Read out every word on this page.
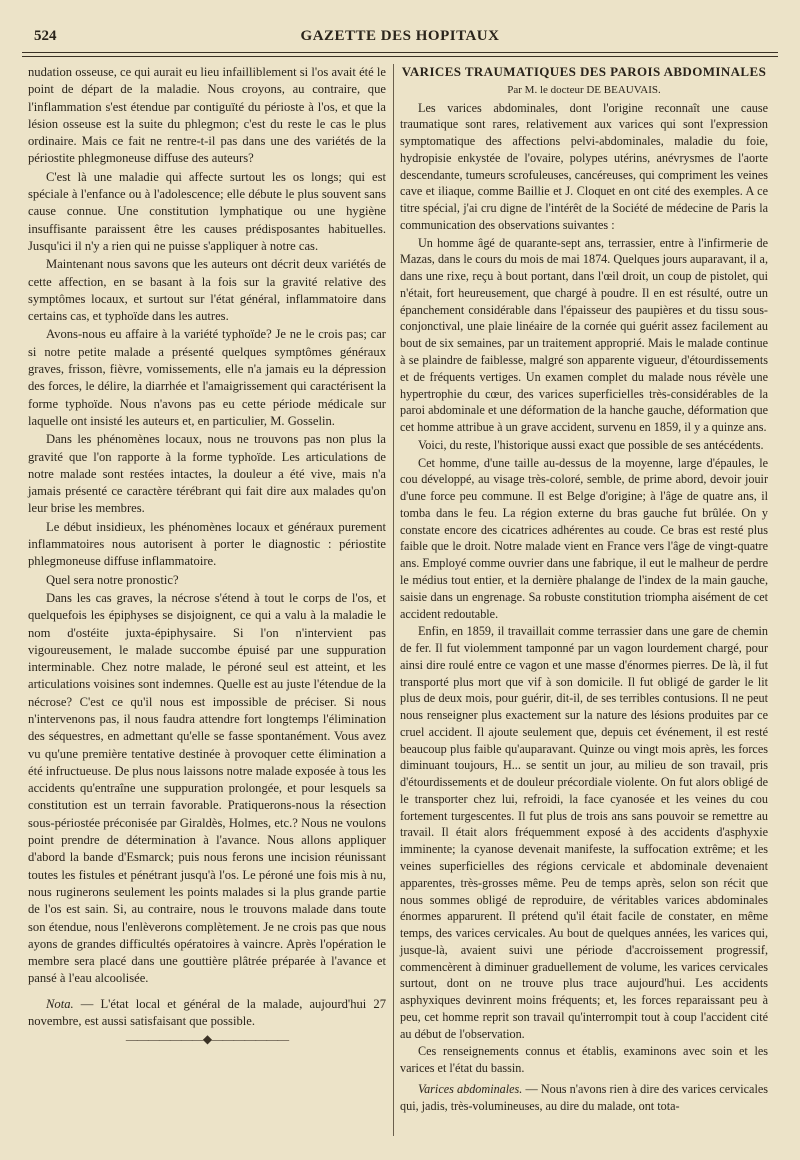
524	GAZETTE DES HOPITAUX

nudation osseuse, ce qui aurait eu lieu infailliblement si l'os avait été le point de départ de la maladie. Nous croyons, au contraire, que l'inflammation s'est étendue par contiguïté du périoste à l'os, et que la lésion osseuse est la suite du phlegmon; c'est du reste le cas le plus ordinaire. Mais ce fait ne rentre-t-il pas dans une des variétés de la périostite phlegmoneuse diffuse des auteurs?

C'est là une maladie qui affecte surtout les os longs; qui est spéciale à l'enfance ou à l'adolescence; elle débute le plus souvent sans cause connue. Une constitution lymphatique ou une hygiène insuffisante paraissent être les causes prédisposantes habituelles. Jusqu'ici il n'y a rien qui ne puisse s'appliquer à notre cas.

Maintenant nous savons que les auteurs ont décrit deux variétés de cette affection, en se basant à la fois sur la gravité relative des symptômes locaux, et surtout sur l'état général, inflammatoire dans certains cas, et typhoïde dans les autres.

Avons-nous eu affaire à la variété typhoïde? Je ne le crois pas; car si notre petite malade a présenté quelques symptômes généraux graves, frisson, fièvre, vomissements, elle n'a jamais eu la dépression des forces, le délire, la diarrhée et l'amaigrissement qui caractérisent la forme typhoïde. Nous n'avons pas eu cette période médicale sur laquelle ont insisté les auteurs et, en particulier, M. Gosselin.

Dans les phénomènes locaux, nous ne trouvons pas non plus la gravité que l'on rapporte à la forme typhoïde. Les articulations de notre malade sont restées intactes, la douleur a été vive, mais n'a jamais présenté ce caractère térébrant qui fait dire aux malades qu'on leur brise les membres.

Le début insidieux, les phénomènes locaux et généraux purement inflammatoires nous autorisent à porter le diagnostic : périostite phlegmoneuse diffuse inflammatoire.

Quel sera notre pronostic?

Dans les cas graves, la nécrose s'étend à tout le corps de l'os, et quelquefois les épiphyses se disjoignent, ce qui a valu à la maladie le nom d'ostéite juxta-épiphysaire. Si l'on n'intervient pas vigoureusement, le malade succombe épuisé par une suppuration interminable. Chez notre malade, le péroné seul est atteint, et les articulations voisines sont indemnes. Quelle est au juste l'étendue de la nécrose? C'est ce qu'il nous est impossible de préciser. Si nous n'intervenons pas, il nous faudra attendre fort longtemps l'élimination des séquestres, en admettant qu'elle se fasse spontanément. Vous avez vu qu'une première tentative destinée à provoquer cette élimination a été infructueuse. De plus nous laissons notre malade exposée à tous les accidents qu'entraîne une suppuration prolongée, et pour lesquels sa constitution est un terrain favorable. Pratiquerons-nous la résection sous-périostée préconisée par Giraldès, Holmes, etc.? Nous ne voulons point prendre de détermination à l'avance. Nous allons appliquer d'abord la bande d'Esmarck; puis nous ferons une incision réunissant toutes les fistules et pénétrant jusqu'à l'os. Le péroné une fois mis à nu, nous ruginerons seulement les points malades si la plus grande partie de l'os est sain. Si, au contraire, nous le trouvons malade dans toute son étendue, nous l'enlèverons complètement. Je ne crois pas que nous ayons de grandes difficultés opératoires à vaincre. Après l'opération le membre sera placé dans une gouttière plâtrée préparée à l'avance et pansé à l'eau alcoolisée.

Nota. — L'état local et général de la malade, aujourd'hui 27 novembre, est aussi satisfaisant que possible.

―――――――◆―――――――

VARICES TRAUMATIQUES DES PAROIS ABDOMINALES

Par M. le docteur DE BEAUVAIS.

Les varices abdominales, dont l'origine reconnaît une cause traumatique sont rares, relativement aux varices qui sont l'expression symptomatique des affections pelvi-abdominales, maladie du foie, hydropisie enkystée de l'ovaire, polypes utérins, anévrysmes de l'aorte descendante, tumeurs scrofuleuses, cancéreuses, qui compriment les veines cave et iliaque, comme Baillie et J. Cloquet en ont cité des exemples. A ce titre spécial, j'ai cru digne de l'intérêt de la Société de médecine de Paris la communication des observations suivantes :

Un homme âgé de quarante-sept ans, terrassier, entre à l'infirmerie de Mazas, dans le cours du mois de mai 1874. Quelques jours auparavant, il a, dans une rixe, reçu à bout portant, dans l'œil droit, un coup de pistolet, qui n'était, fort heureusement, que chargé à poudre. Il en est résulté, outre un épanchement considérable dans l'épaisseur des paupières et du tissu sous-conjonctival, une plaie linéaire de la cornée qui guérit assez facilement au bout de six semaines, par un traitement approprié. Mais le malade continue à se plaindre de faiblesse, malgré son apparente vigueur, d'étourdissements et de fréquents vertiges. Un examen complet du malade nous révèle une hypertrophie du cœur, des varices superficielles très-considérables de la paroi abdominale et une déformation de la hanche gauche, déformation que cet homme attribue à un grave accident, survenu en 1859, il y a quinze ans.

Voici, du reste, l'historique aussi exact que possible de ses antécédents.

Cet homme, d'une taille au-dessus de la moyenne, large d'épaules, le cou développé, au visage très-coloré, semble, de prime abord, devoir jouir d'une force peu commune. Il est Belge d'origine; à l'âge de quatre ans, il tomba dans le feu. La région externe du bras gauche fut brûlée. On y constate encore des cicatrices adhérentes au coude. Ce bras est resté plus faible que le droit. Notre malade vient en France vers l'âge de vingt-quatre ans. Employé comme ouvrier dans une fabrique, il eut le malheur de perdre le médius tout entier, et la dernière phalange de l'index de la main gauche, saisie dans un engrenage. Sa robuste constitution triompha aisément de cet accident redoutable.

Enfin, en 1859, il travaillait comme terrassier dans une gare de chemin de fer. Il fut violemment tamponné par un vagon lourdement chargé, pour ainsi dire roulé entre ce vagon et une masse d'énormes pierres. De là, il fut transporté plus mort que vif à son domicile. Il fut obligé de garder le lit plus de deux mois, pour guérir, dit-il, de ses terribles contusions. Il ne peut nous renseigner plus exactement sur la nature des lésions produites par ce cruel accident. Il ajoute seulement que, depuis cet événement, il est resté beaucoup plus faible qu'auparavant. Quinze ou vingt mois après, les forces diminuant toujours, H... se sentit un jour, au milieu de son travail, pris d'étourdissements et de douleur précordiale violente. On fut alors obligé de le transporter chez lui, refroidi, la face cyanosée et les veines du cou fortement turgescentes. Il fut plus de trois ans sans pouvoir se remettre au travail. Il était alors fréquemment exposé à des accidents d'asphyxie imminente; la cyanose devenait manifeste, la suffocation extrême; et les veines superficielles des régions cervicale et abdominale devenaient apparentes, très-grosses même. Peu de temps après, selon son récit que nous sommes obligé de reproduire, de véritables varices abdominales énormes apparurent. Il prétend qu'il était facile de constater, en même temps, des varices cervicales. Au bout de quelques années, les varices qui, jusque-là, avaient suivi une période d'accroissement progressif, commencèrent à diminuer graduellement de volume, les varices cervicales surtout, dont on ne trouve plus trace aujourd'hui. Les accidents asphyxiques devinrent moins fréquents; et, les forces reparaissant peu à peu, cet homme reprit son travail qu'interrompit tout à coup l'accident cité au début de l'observation.

Ces renseignements connus et établis, examinons avec soin et les varices et l'état du bassin.

Varices abdominales. — Nous n'avons rien à dire des varices cervicales qui, jadis, très-volumineuses, au dire du malade, ont tota-
